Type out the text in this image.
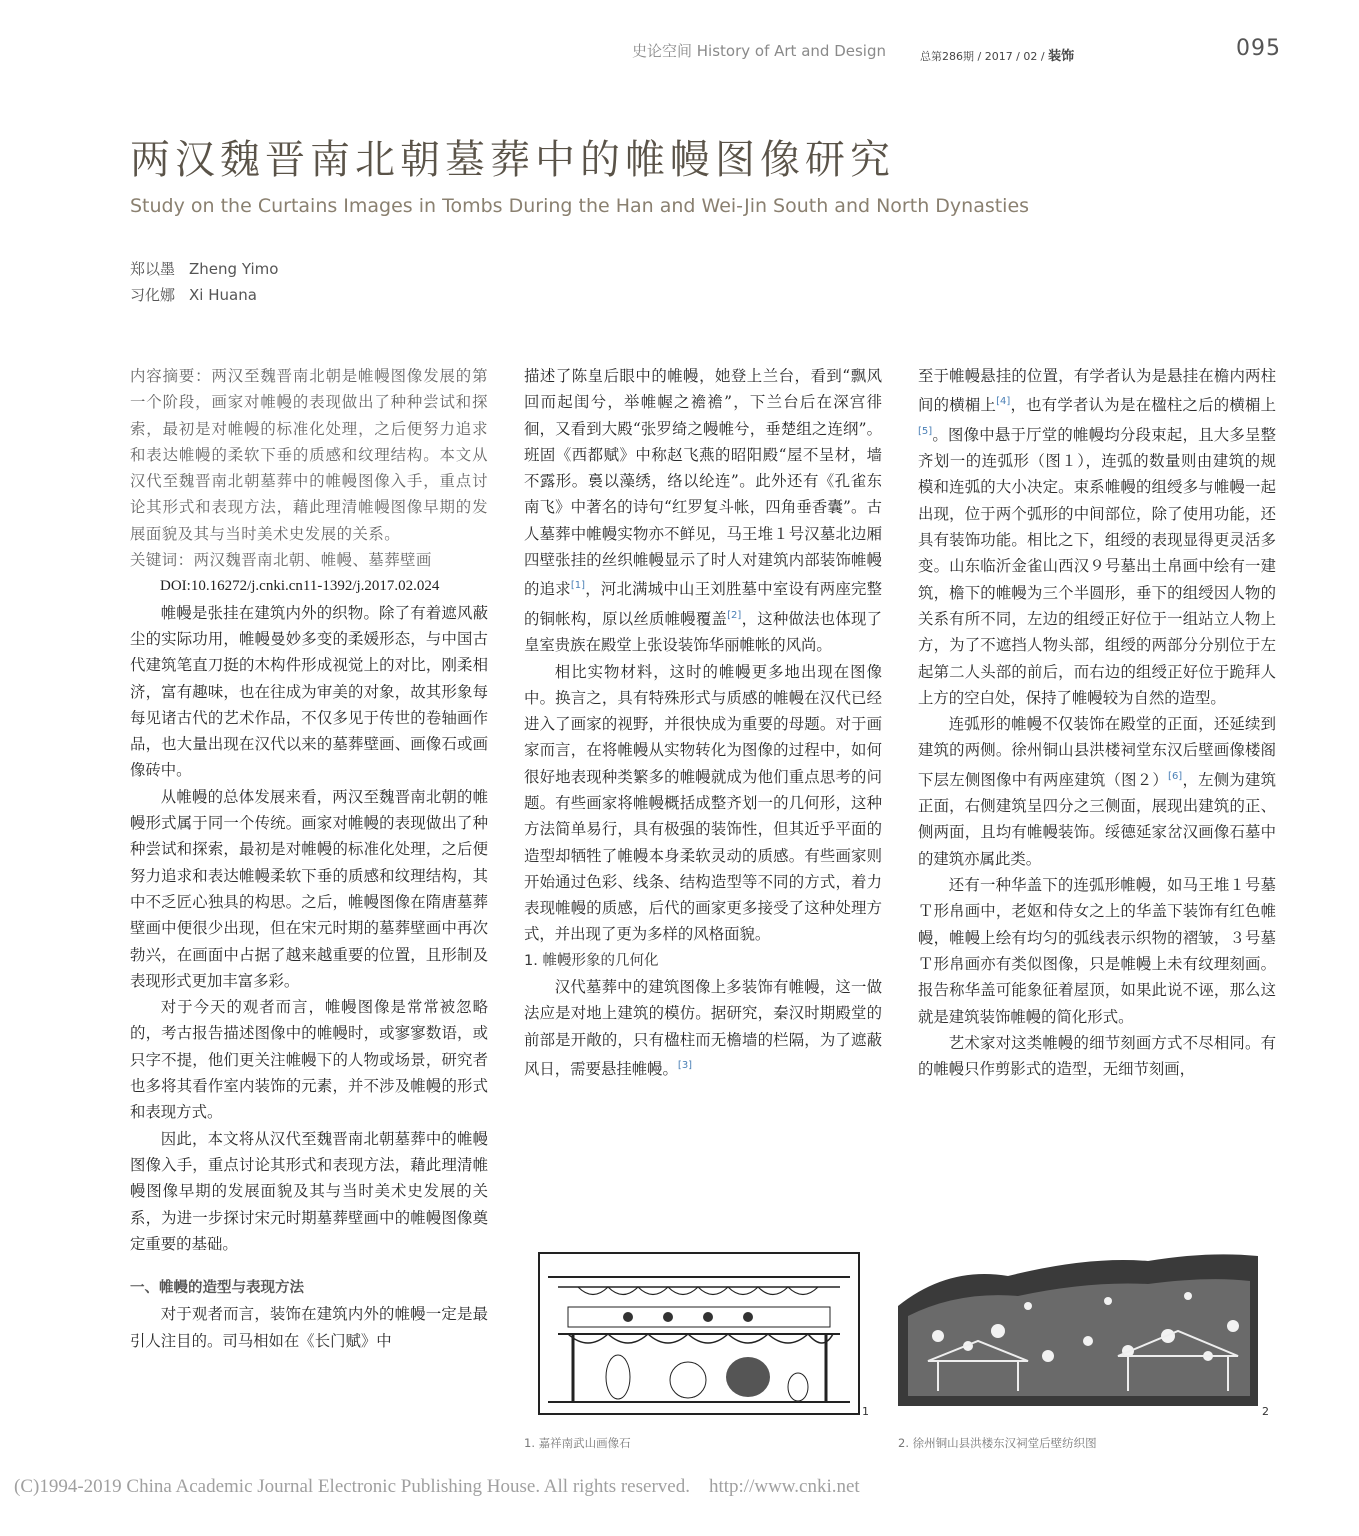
史论空间 History of Art and Design	总第286期 / 2017 / 02 / 装饰	095
两汉魏晋南北朝墓葬中的帷幔图像研究
Study on the Curtains Images in Tombs During the Han and Wei-Jin South and North Dynasties
郑以墨 Zheng Yimo
习化娜 Xi Huana

内容摘要：两汉至魏晋南北朝是帷幔图像发展的第一个阶段，画家对帷幔的表现做出了种种尝试和探索，最初是对帷幔的标准化处理，之后便努力追求和表达帷幔的柔软下垂的质感和纹理结构。本文从汉代至魏晋南北朝墓葬中的帷幔图像入手，重点讨论其形式和表现方法，藉此理清帷幔图像早期的发展面貌及其与当时美术史发展的关系。

关键词：两汉魏晋南北朝、帷幔、墓葬壁画

DOI:10.16272/j.cnki.cn11-1392/j.2017.02.024

帷幔是张挂在建筑内外的织物。除了有着遮风蔽尘的实际功用，帷幔曼妙多变的柔媛形态，与中国古代建筑笔直刀挺的木构件形成视觉上的对比，刚柔相济，富有趣味，也在往成为审美的对象，故其形象每每见诸古代的艺术作品，不仅多见于传世的卷轴画作品，也大量出现在汉代以来的墓葬壁画、画像石或画像砖中。

从帷幔的总体发展来看，两汉至魏晋南北朝的帷幔形式属于同一个传统。画家对帷幔的表现做出了种种尝试和探索，最初是对帷幔的标准化处理，之后便努力追求和表达帷幔柔软下垂的质感和纹理结构，其中不乏匠心独具的构思。之后，帷幔图像在隋唐墓葬壁画中便很少出现，但在宋元时期的墓葬壁画中再次勃兴，在画面中占据了越来越重要的位置，且形制及表现形式更加丰富多彩。

对于今天的观者而言，帷幔图像是常常被忽略的，考古报告描述图像中的帷幔时，或寥寥数语，或只字不提，他们更关注帷幔下的人物或场景，研究者也多将其看作室内装饰的元素，并不涉及帷幔的形式和表现方式。

因此，本文将从汉代至魏晋南北朝墓葬中的帷幔图像入手，重点讨论其形式和表现方法，藉此理清帷幔图像早期的发展面貌及其与当时美术史发展的关系，为进一步探讨宋元时期墓葬壁画中的帷幔图像奠定重要的基础。

一、帷幔的造型与表现方法

对于观者而言，装饰在建筑内外的帷幔一定是最引人注目的。司马相如在《长门赋》中

描述了陈皇后眼中的帷幔，她登上兰台，看到“飘风回而起闺兮，举帷幄之襜襜”，下兰台后在深宫徘徊，又看到大殿“张罗绮之幔帷兮，垂楚组之连纲”。班固《西都赋》中称赵飞燕的昭阳殿“屋不呈材，墙不露形。裛以藻绣，络以纶连”。此外还有《孔雀东南飞》中著名的诗句“红罗复斗帐，四角垂香囊”。古人墓葬中帷幔实物亦不鲜见，马王堆１号汉墓北边厢四壁张挂的丝织帷幔显示了时人对建筑内部装饰帷幔的追求[1]，河北满城中山王刘胜墓中室设有两座完整的铜帐构，原以丝质帷幔覆盖[2]，这种做法也体现了皇室贵族在殿堂上张设装饰华丽帷帐的风尚。

相比实物材料，这时的帷幔更多地出现在图像中。换言之，具有特殊形式与质感的帷幔在汉代已经进入了画家的视野，并很快成为重要的母题。对于画家而言，在将帷幔从实物转化为图像的过程中，如何很好地表现种类繁多的帷幔就成为他们重点思考的问题。有些画家将帷幔概括成整齐划一的几何形，这种方法简单易行，具有极强的装饰性，但其近乎平面的造型却牺牲了帷幔本身柔软灵动的质感。有些画家则开始通过色彩、线条、结构造型等不同的方式，着力表现帷幔的质感，后代的画家更多接受了这种处理方式，并出现了更为多样的风格面貌。

1. 帷幔形象的几何化

汉代墓葬中的建筑图像上多装饰有帷幔，这一做法应是对地上建筑的模仿。据研究，秦汉时期殿堂的前部是开敞的，只有楹柱而无檐墙的栏隔，为了遮蔽风日，需要悬挂帷幔。[3]

至于帷幔悬挂的位置，有学者认为是悬挂在檐内两柱间的横楣上[4]，也有学者认为是在楹柱之后的横楣上[5]。图像中悬于厅堂的帷幔均分段束起，且大多呈整齐划一的连弧形（图１），连弧的数量则由建筑的规模和连弧的大小决定。束系帷幔的组绶多与帷幔一起出现，位于两个弧形的中间部位，除了使用功能，还具有装饰功能。相比之下，组绶的表现显得更灵活多变。山东临沂金雀山西汉９号墓出土帛画中绘有一建筑，檐下的帷幔为三个半圆形，垂下的组绶因人物的关系有所不同，左边的组绶正好位于一组站立人物上方，为了不遮挡人物头部，组绶的两部分分别位于左起第二人头部的前后，而右边的组绶正好位于跪拜人上方的空白处，保持了帷幔较为自然的造型。

连弧形的帷幔不仅装饰在殿堂的正面，还延续到建筑的两侧。徐州铜山县洪楼祠堂东汉后壁画像楼阁下层左侧图像中有两座建筑（图２）[6]，左侧为建筑正面，右侧建筑呈四分之三侧面，展现出建筑的正、侧两面，且均有帷幔装饰。绥德延家岔汉画像石墓中的建筑亦属此类。

还有一种华盖下的连弧形帷幔，如马王堆１号墓Ｔ形帛画中，老妪和侍女之上的华盖下装饰有红色帷幔，帷幔上绘有均匀的弧线表示织物的褶皱，３号墓Ｔ形帛画亦有类似图像，只是帷幔上未有纹理刻画。报告称华盖可能象征着屋顶，如果此说不诬，那么这就是建筑装饰帷幔的简化形式。

艺术家对这类帷幔的细节刻画方式不尽相同。有的帷幔只作剪影式的造型，无细节刻画，

1
1. 嘉祥南武山画像石
2
2. 徐州铜山县洪楼东汉祠堂后壁纺织图
(C)1994-2019 China Academic Journal Electronic Publishing House. All rights reserved.    http://www.cnki.net
